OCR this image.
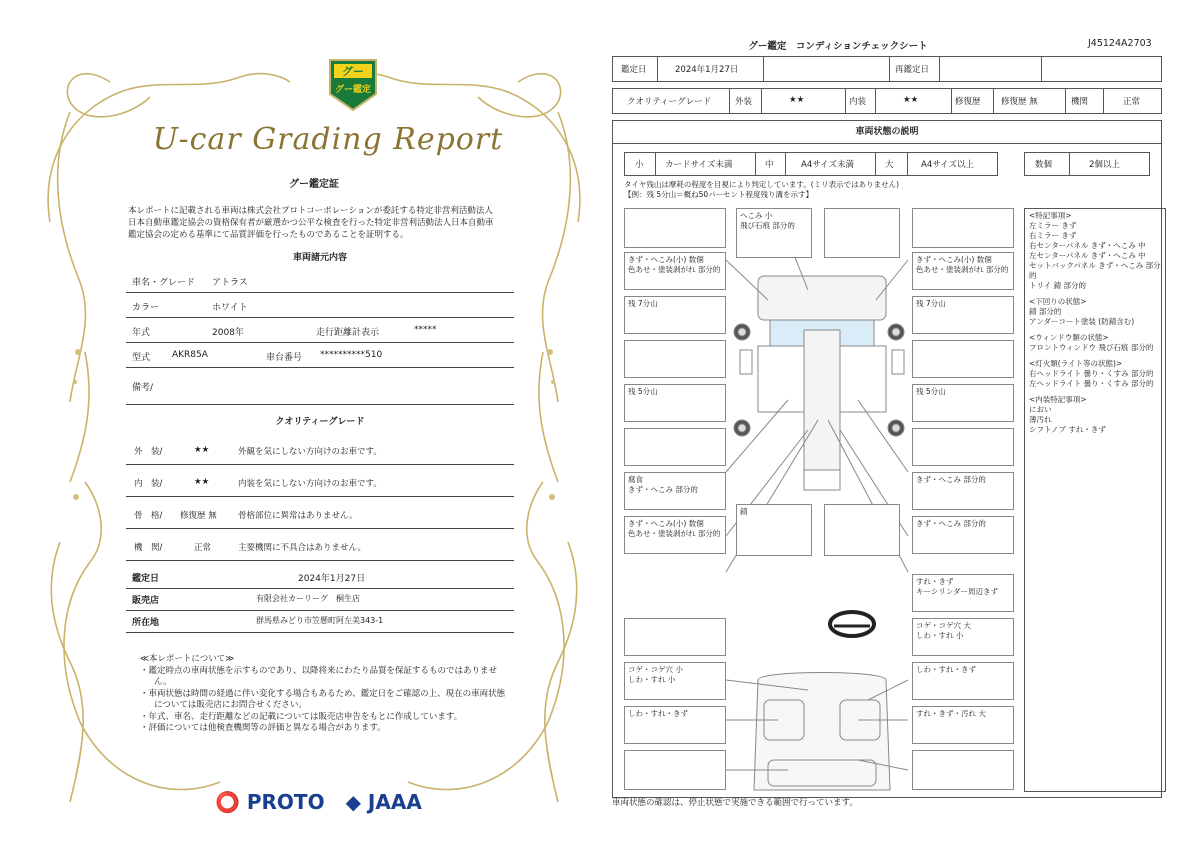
グー
グー鑑定
U-car Grading Report
グー鑑定証
本レポートに記載される車両は株式会社プロトコーポレーションが委託する特定非営利活動法人日本自動車鑑定協会の資格保有者が厳選かつ公平な検査を行った特定非営利活動法人日本自動車鑑定協会の定める基準にて品質評価を行ったものであることを証明する。
車両諸元内容
車名・グレード アトラス
カラー	ホワイト
年式	2008年	走行距離計表示	*****
型式 AKR85A	車台番号 **********510
備考/
クオリティーグレード
外　装/	★★	外観を気にしない方向けのお車です。
内　装/	★★	内装を気にしない方向けのお車です。
骨　格/ 修復歴 無	骨格部位に異常はありません。
機　関/	正常	主要機関に不具合はありません。
鑑定日	2024年1月27日
販売店	有限会社カーリーグ　桐生店
所在地	群馬県みどり市笠懸町阿左美343-1
≪本レポートについて≫
・鑑定時点の車両状態を示すものであり、以降将来にわたり品質を保証するものではありません。
・車両状態は時間の経過に伴い変化する場合もあるため、鑑定日をご確認の上、現在の車両状態については販売店にお問合せください。
・年式、車名、走行距離などの記載については販売店申告をもとに作成しています。
・評価については他検査機関等の評価と異なる場合があります。
⭕ PROTO ◆ JAAA
グー鑑定　コンディションチェックシート	J45124A2703
鑑定日	2024年1月27日	再鑑定日
クオリティーグレード	外装	★★	内装	★★	修復歴 修復歴 無	機関	正常
車両状態の説明
小	カードサイズ未満	中	A4サイズ未満	大	A4サイズ以上	数個	2個以上
タイヤ残山は摩耗の程度を目視により判定しています。(ミリ表示ではありません)
【例：残 5分山＝概ね50パーセント程度残り溝を示す】
へこみ 小
飛び石痕 部分的
きず・へこみ(小) 数個
色あせ・塗装剥がれ 部分的
きず・へこみ(小) 数個
色あせ・塗装剥がれ 部分的
残 7分山	残 7分山
残 5分山	残 5分山
腐食
きず・へこみ 部分的
きず・へこみ 部分的
きず・へこみ(小) 数個
色あせ・塗装剥がれ 部分的
錆
きず・へこみ 部分的
すれ・きず
キーシリンダー周辺きず
コゲ・コゲ穴 大
しわ・すれ 小
コゲ・コゲ穴 小
しわ・すれ 小
しわ・すれ・きず
しわ・すれ・きず	すれ・きず・汚れ 大
<特記事項>
左ミラー きず
右ミラー きず
右センターパネル きず・へこみ 中
左センターパネル きず・へこみ 中
セットバックパネル きず・へこみ 部分的
トリイ 錆 部分的
<下回りの状態>
錆 部分的
アンダーコート塗装 (防錆含む)
<ウィンドウ類の状態>
フロントウィンドウ 飛び石痕 部分的
<灯火類(ライト等の状態)>
右ヘッドライト 曇り・くすみ 部分的
左ヘッドライト 曇り・くすみ 部分的
<内装特記事項>
におい
薄汚れ
シフトノブ すれ・きず
車両状態の確認は、停止状態で実施できる範囲で行っています。
